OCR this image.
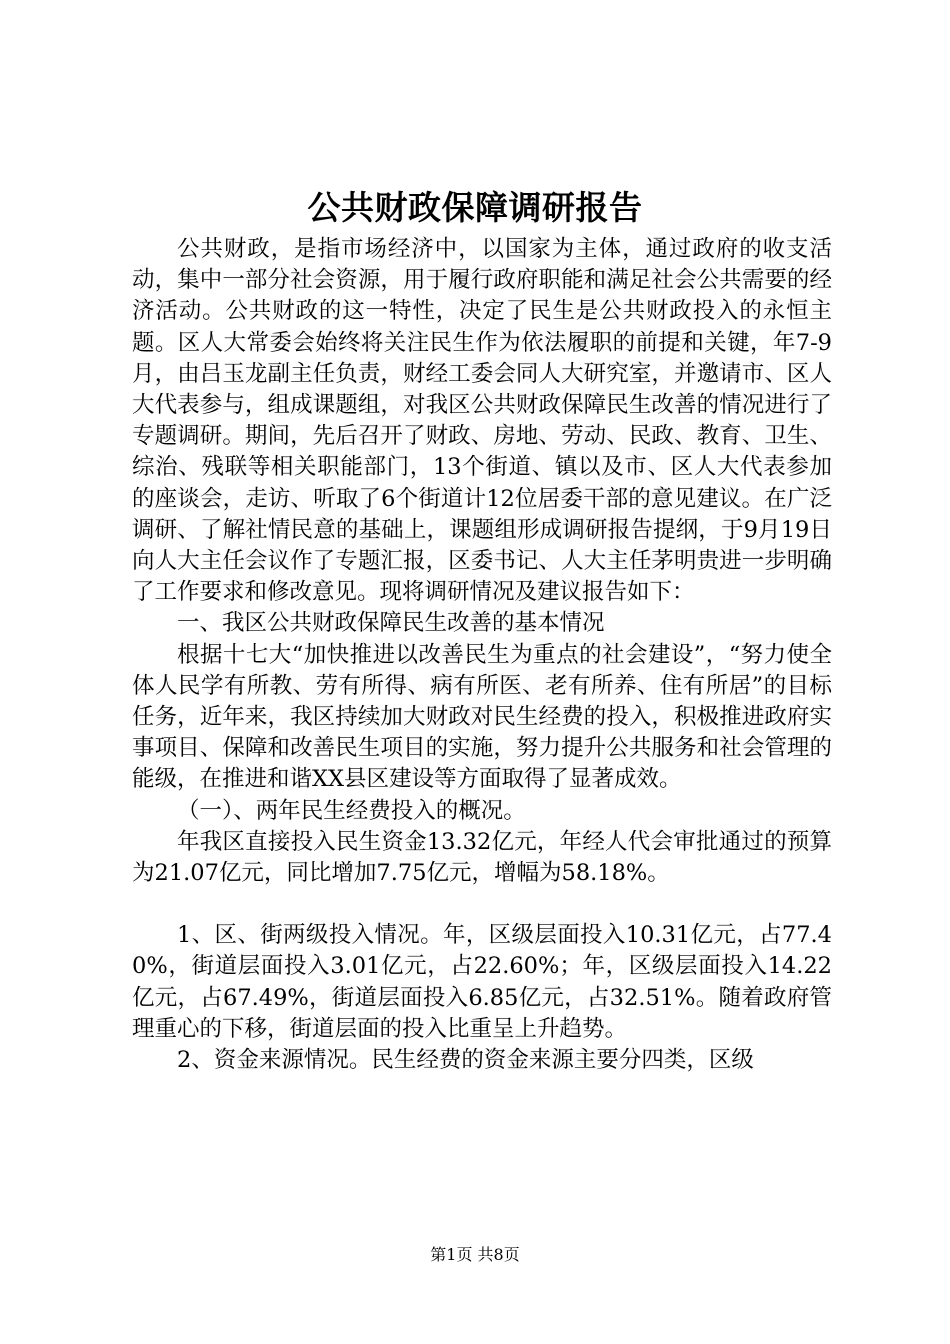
公共财政保障调研报告

公共财政，是指市场经济中，以国家为主体，通过政府的收支活动，集中一部分社会资源，用于履行政府职能和满足社会公共需要的经济活动。公共财政的这一特性，决定了民生是公共财政投入的永恒主题。区人大常委会始终将关注民生作为依法履职的前提和关键，年7-9月，由吕玉龙副主任负责，财经工委会同人大研究室，并邀请市、区人大代表参与，组成课题组，对我区公共财政保障民生改善的情况进行了专题调研。期间，先后召开了财政、房地、劳动、民政、教育、卫生、综治、残联等相关职能部门，13个街道、镇以及市、区人大代表参加的座谈会，走访、听取了6个街道计12位居委干部的意见建议。在广泛调研、了解社情民意的基础上，课题组形成调研报告提纲，于9月19日向人大主任会议作了专题汇报，区委书记、人大主任茅明贵进一步明确了工作要求和修改意见。现将调研情况及建议报告如下：

一、我区公共财政保障民生改善的基本情况

根据十七大“加快推进以改善民生为重点的社会建设”，“努力使全体人民学有所教、劳有所得、病有所医、老有所养、住有所居”的目标任务，近年来，我区持续加大财政对民生经费的投入，积极推进政府实事项目、保障和改善民生项目的实施，努力提升公共服务和社会管理的能级，在推进和谐XX县区建设等方面取得了显著成效。

（一）、两年民生经费投入的概况。

年我区直接投入民生资金13.32亿元，年经人代会审批通过的预算为21.07亿元，同比增加7.75亿元，增幅为58.18%。

1、区、街两级投入情况。年，区级层面投入10.31亿元，占77.40%，街道层面投入3.01亿元，占22.60%；年，区级层面投入14.22亿元，占67.49%，街道层面投入6.85亿元，占32.51%。随着政府管理重心的下移，街道层面的投入比重呈上升趋势。

2、资金来源情况。民生经费的资金来源主要分四类，区级

第1页 共8页
